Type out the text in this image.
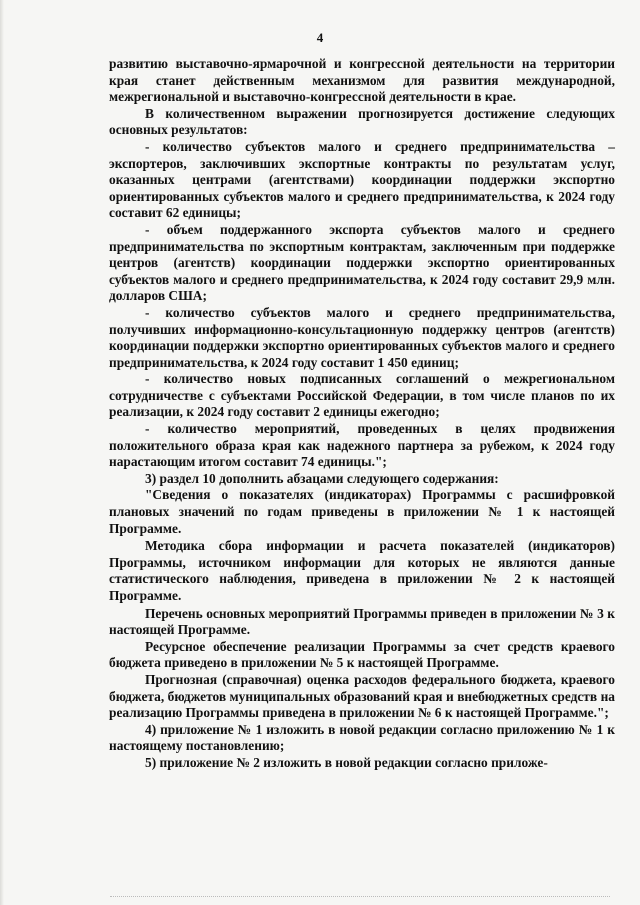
4

развитию выставочно-ярмарочной и конгрессной деятельности на территории края станет действенным механизмом для развития международной, межрегиональной и выставочно-конгрессной деятельности в крае.

В количественном выражении прогнозируется достижение следующих основных результатов:

- количество субъектов малого и среднего предпринимательства – экспортеров, заключивших экспортные контракты по результатам услуг, оказанных центрами (агентствами) координации поддержки экспортно ориентированных субъектов малого и среднего предпринимательства, к 2024 году составит 62 единицы;

- объем поддержанного экспорта субъектов малого и среднего предпринимательства по экспортным контрактам, заключенным при поддержке центров (агентств) координации поддержки экспортно ориентированных субъектов малого и среднего предпринимательства, к 2024 году составит 29,9 млн. долларов США;

- количество субъектов малого и среднего предпринимательства, получивших информационно-консультационную поддержку центров (агентств) координации поддержки экспортно ориентированных субъектов малого и среднего предпринимательства, к 2024 году составит 1 450 единиц;

- количество новых подписанных соглашений о межрегиональном сотрудничестве с субъектами Российской Федерации, в том числе планов по их реализации, к 2024 году составит 2 единицы ежегодно;

- количество мероприятий, проведенных в целях продвижения положительного образа края как надежного партнера за рубежом, к 2024 году нарастающим итогом составит 74 единицы.";

3) раздел 10 дополнить абзацами следующего содержания:

"Сведения о показателях (индикаторах) Программы с расшифровкой плановых значений по годам приведены в приложении № 1 к настоящей Программе.

Методика сбора информации и расчета показателей (индикаторов) Программы, источником информации для которых не являются данные статистического наблюдения, приведена в приложении № 2 к настоящей Программе.

Перечень основных мероприятий Программы приведен в приложении № 3 к настоящей Программе.

Ресурсное обеспечение реализации Программы за счет средств краевого бюджета приведено в приложении № 5 к настоящей Программе.

Прогнозная (справочная) оценка расходов федерального бюджета, краевого бюджета, бюджетов муниципальных образований края и внебюджетных средств на реализацию Программы приведена в приложении № 6 к настоящей Программе.";

4) приложение № 1 изложить в новой редакции согласно приложению № 1 к настоящему постановлению;

5) приложение № 2 изложить в новой редакции согласно приложе-
